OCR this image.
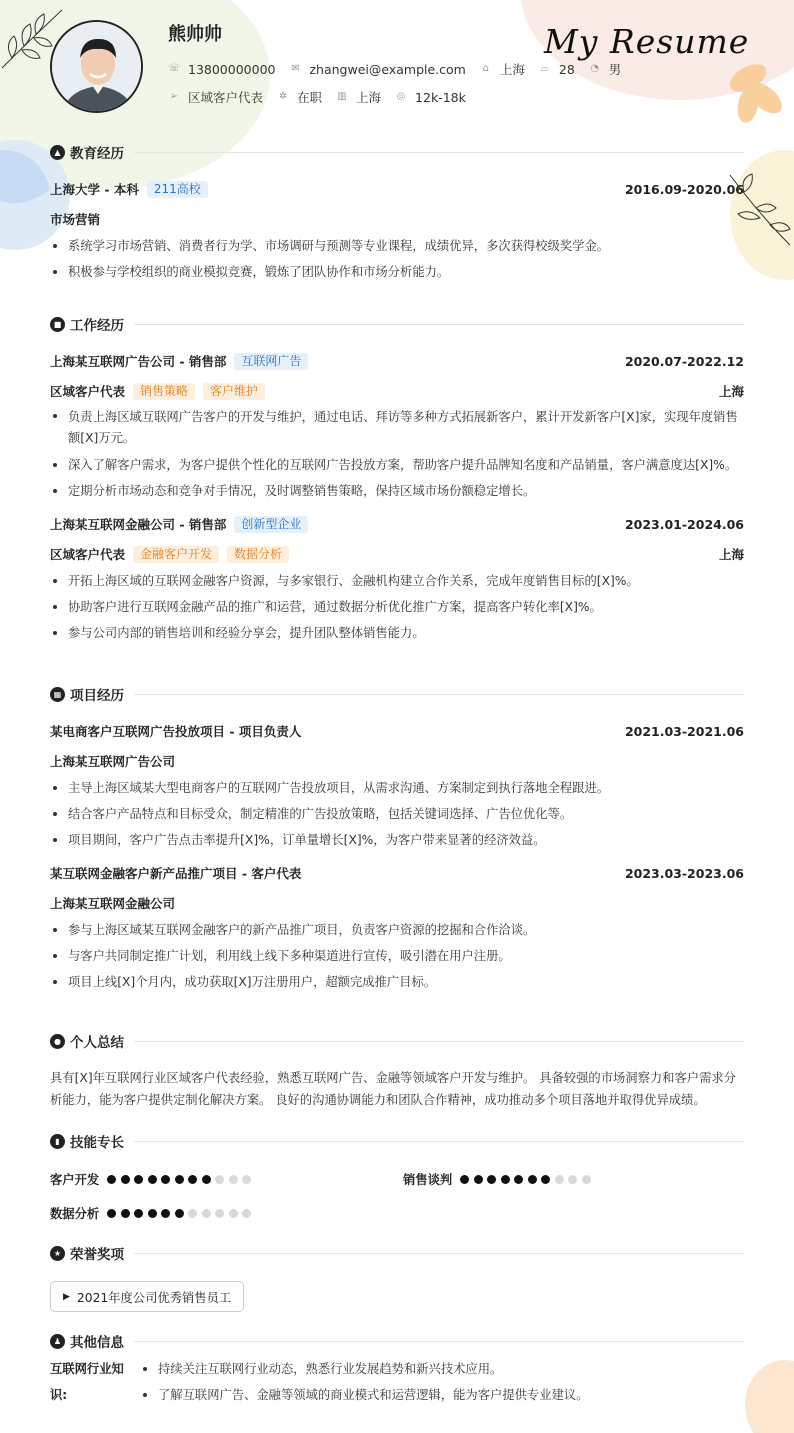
熊帅帅	My Resume
☏ 13800000000 ✉ zhangwei@example.com ⌂ 上海 ⌓ 28 ◔ 男
➢ 区域客户代表 ✲ 在职 ▥ 上海 ◎ 12k-18k
▲ 教育经历
上海大学 - 本科	211高校	2016.09-2020.06
市场营销
系统学习市场营销、消费者行为学、市场调研与预测等专业课程，成绩优异，多次获得校级奖学金。
积极参与学校组织的商业模拟竞赛，锻炼了团队协作和市场分析能力。
■ 工作经历
上海某互联网广告公司 - 销售部	互联网广告	2020.07-2022.12
区域客户代表	销售策略	客户维护	上海
负责上海区域互联网广告客户的开发与维护，通过电话、拜访等多种方式拓展新客户，累计开发新客户[X]家，实现年度销售额[X]万元。
深入了解客户需求，为客户提供个性化的互联网广告投放方案，帮助客户提升品牌知名度和产品销量，客户满意度达[X]%。
定期分析市场动态和竞争对手情况，及时调整销售策略，保持区域市场份额稳定增长。
上海某互联网金融公司 - 销售部	创新型企业	2023.01-2024.06
区域客户代表	金融客户开发	数据分析	上海
开拓上海区域的互联网金融客户资源，与多家银行、金融机构建立合作关系，完成年度销售目标的[X]%。
协助客户进行互联网金融产品的推广和运营，通过数据分析优化推广方案，提高客户转化率[X]%。
参与公司内部的销售培训和经验分享会，提升团队整体销售能力。
▦ 项目经历
某电商客户互联网广告投放项目 - 项目负责人	2021.03-2021.06
上海某互联网广告公司
主导上海区域某大型电商客户的互联网广告投放项目，从需求沟通、方案制定到执行落地全程跟进。
结合客户产品特点和目标受众，制定精准的广告投放策略，包括关键词选择、广告位优化等。
项目期间，客户广告点击率提升[X]%，订单量增长[X]%，为客户带来显著的经济效益。
某互联网金融客户新产品推广项目 - 客户代表	2023.03-2023.06
上海某互联网金融公司
参与上海区域某互联网金融客户的新产品推广项目，负责客户资源的挖掘和合作洽谈。
与客户共同制定推广计划，利用线上线下多种渠道进行宣传，吸引潜在用户注册。
项目上线[X]个月内，成功获取[X]万注册用户，超额完成推广目标。
● 个人总结

具有[X]年互联网行业区域客户代表经验，熟悉互联网广告、金融等领域客户开发与维护。 具备较强的市场洞察力和客户需求分析能力，能为客户提供定制化解决方案。 良好的沟通协调能力和团队合作精神，成功推动多个项目落地并取得优异成绩。

▮ 技能专长
客户开发	销售谈判
数据分析
★ 荣誉奖项
▶ 2021年度公司优秀销售员工
♟ 其他信息
互联网行业知识:
持续关注互联网行业动态，熟悉行业发展趋势和新兴技术应用。
了解互联网广告、金融等领域的商业模式和运营逻辑，能为客户提供专业建议。
